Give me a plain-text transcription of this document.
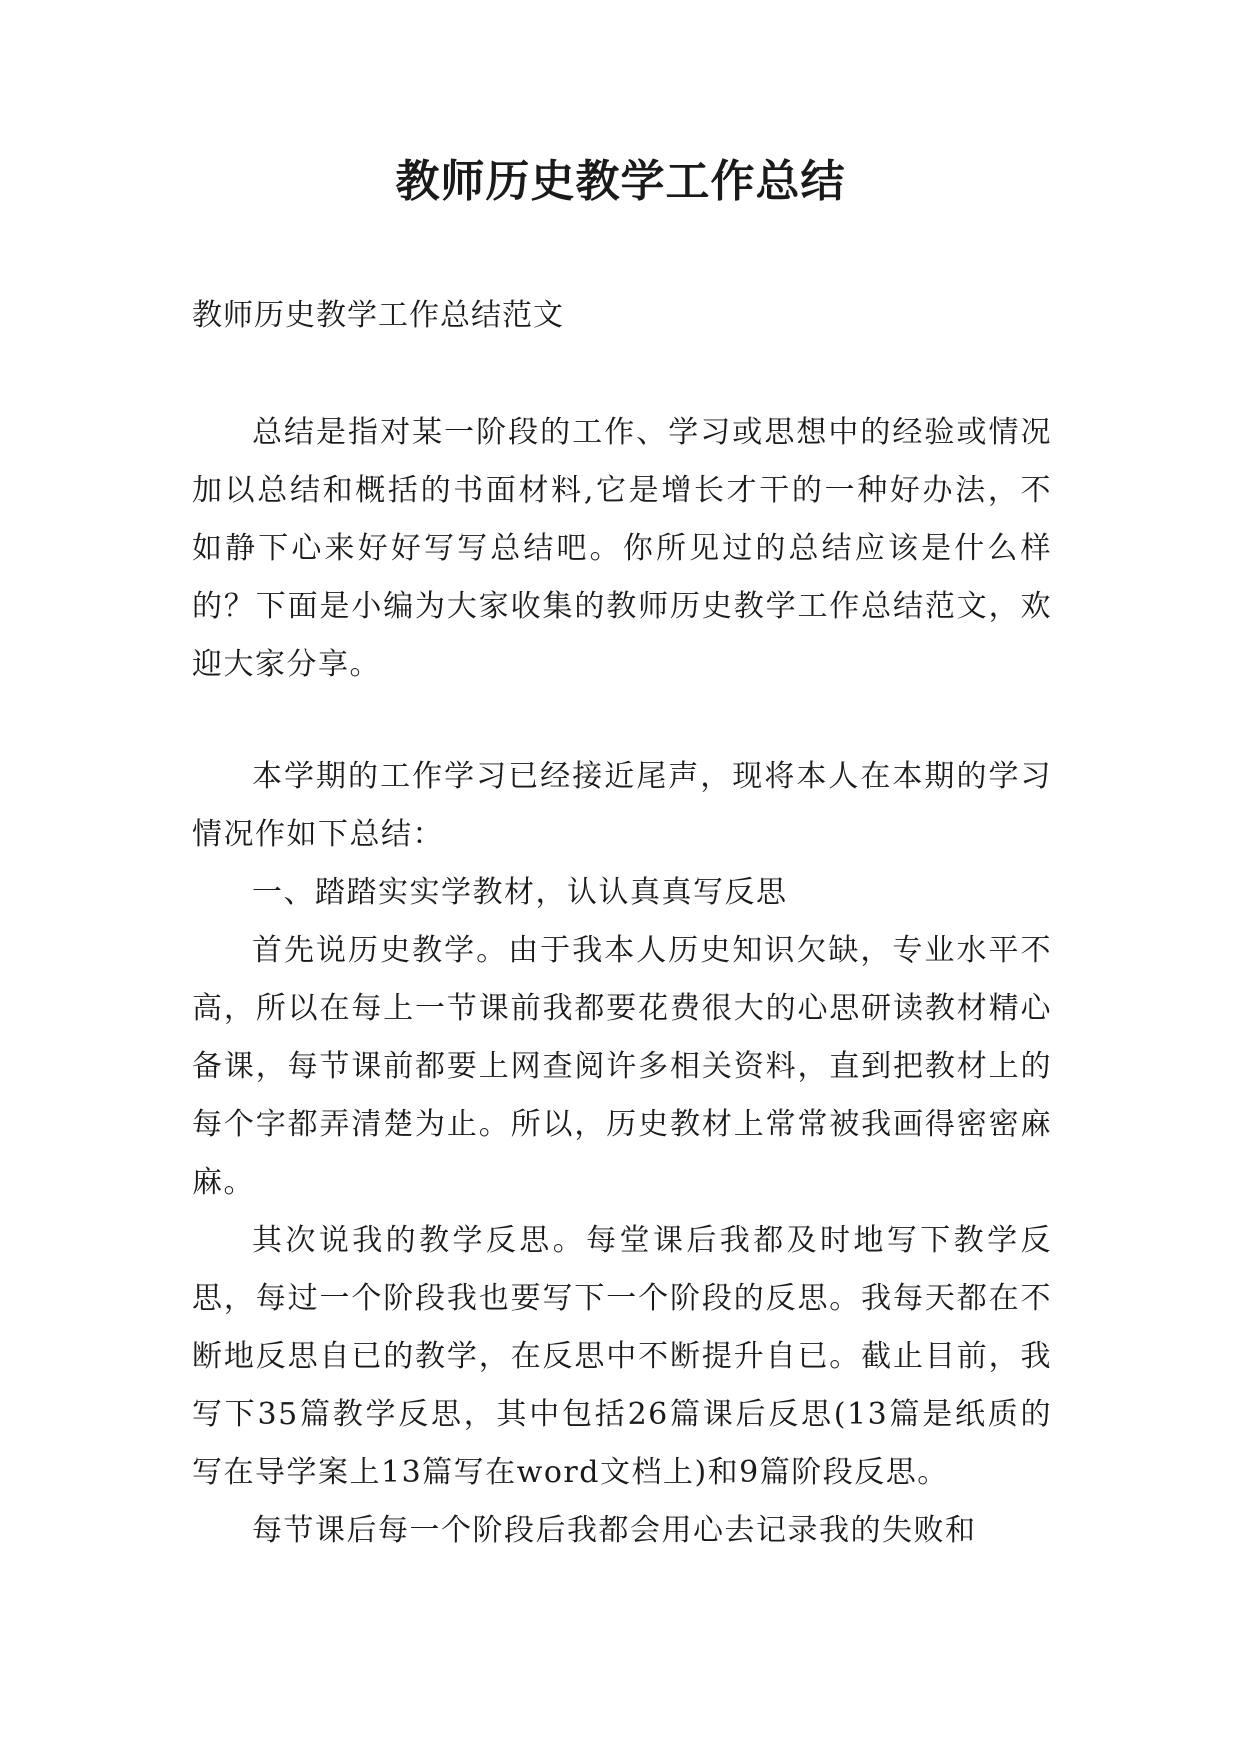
教师历史教学工作总结
教师历史教学工作总结范文

总结是指对某一阶段的工作、学习或思想中的经验或情况加以总结和概括的书面材料,它是增长才干的一种好办法，不如静下心来好好写写总结吧。你所见过的总结应该是什么样的？下面是小编为大家收集的教师历史教学工作总结范文，欢迎大家分享。

本学期的工作学习已经接近尾声，现将本人在本期的学习情况作如下总结：

一、踏踏实实学教材，认认真真写反思

首先说历史教学。由于我本人历史知识欠缺，专业水平不高，所以在每上一节课前我都要花费很大的心思研读教材精心备课，每节课前都要上网查阅许多相关资料，直到把教材上的每个字都弄清楚为止。所以，历史教材上常常被我画得密密麻麻。

其次说我的教学反思。每堂课后我都及时地写下教学反思，每过一个阶段我也要写下一个阶段的反思。我每天都在不断地反思自已的教学，在反思中不断提升自已。截止目前，我写下35篇教学反思，其中包括26篇课后反思(13篇是纸质的写在导学案上13篇写在word文档上)和9篇阶段反思。

每节课后每一个阶段后我都会用心去记录我的失败和
